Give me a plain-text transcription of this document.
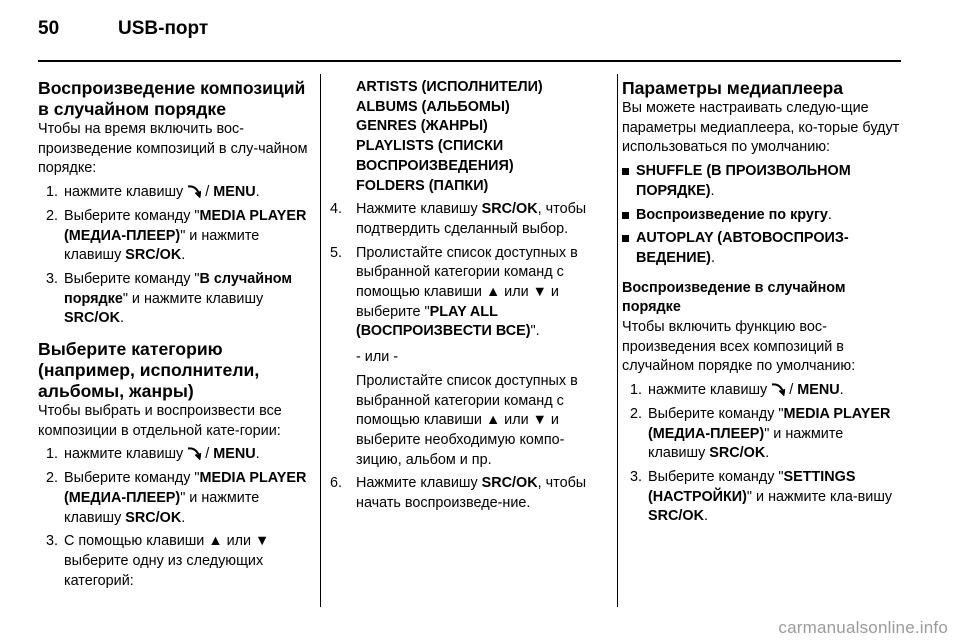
50	USB-порт

Воспроизведение композиций в случайном порядке

Чтобы на время включить вос-произведение композиций в слу-чайном порядке:

1. нажмите клавишу  / MENU.
2. Выберите команду "MEDIA PLAYER (МЕДИА-ПЛЕЕР)" и нажмите клавишу SRC/OK.
3. Выберите команду "В случайном порядке" и нажмите клавишу SRC/OK.

Выберите категорию (например, исполнители, альбомы, жанры)

Чтобы выбрать и воспроизвести все композиции в отдельной кате-гории:

1. нажмите клавишу  / MENU.
2. Выберите команду "MEDIA PLAYER (МЕДИА-ПЛЕЕР)" и нажмите клавишу SRC/OK.
3. С помощью клавиши ▲ или ▼ выберите одну из следующих категорий:

ARTISTS (ИСПОЛНИТЕЛИ)

ALBUMS (АЛЬБОМЫ)

GENRES (ЖАНРЫ)

PLAYLISTS (СПИСКИ ВОСПРОИЗВЕДЕНИЯ)

FOLDERS (ПАПКИ)

4. Нажмите клавишу SRC/OK, чтобы подтвердить сделанный выбор.
5. Пролистайте список доступных в выбранной категории команд с помощью клавиши ▲ или ▼ и выберите "PLAY ALL (ВОСПРОИЗВЕСТИ ВСЕ)".

- или -

Пролистайте список доступных в выбранной категории команд с помощью клавиши ▲ или ▼ и выберите необходимую компо-зицию, альбом и пр.

6. Нажмите клавишу SRC/OK, чтобы начать воспроизведе-ние.

Параметры медиаплеера

Вы можете настраивать следую-щие параметры медиаплеера, ко-торые будут использоваться по умолчанию:

SHUFFLE (В ПРОИЗВОЛЬНОМ ПОРЯДКЕ).
Воспроизведение по кругу.
AUTOPLAY (АВТОВОСПРОИЗ-ВЕДЕНИЕ).

Воспроизведение в случайном порядке

Чтобы включить функцию вос-произведения всех композиций в случайном порядке по умолчанию:

1. нажмите клавишу  / MENU.
2. Выберите команду "MEDIA PLAYER (МЕДИА-ПЛЕЕР)" и нажмите клавишу SRC/OK.
3. Выберите команду "SETTINGS (НАСТРОЙКИ)" и нажмите кла-вишу SRC/OK.
carmanualsonline.info
